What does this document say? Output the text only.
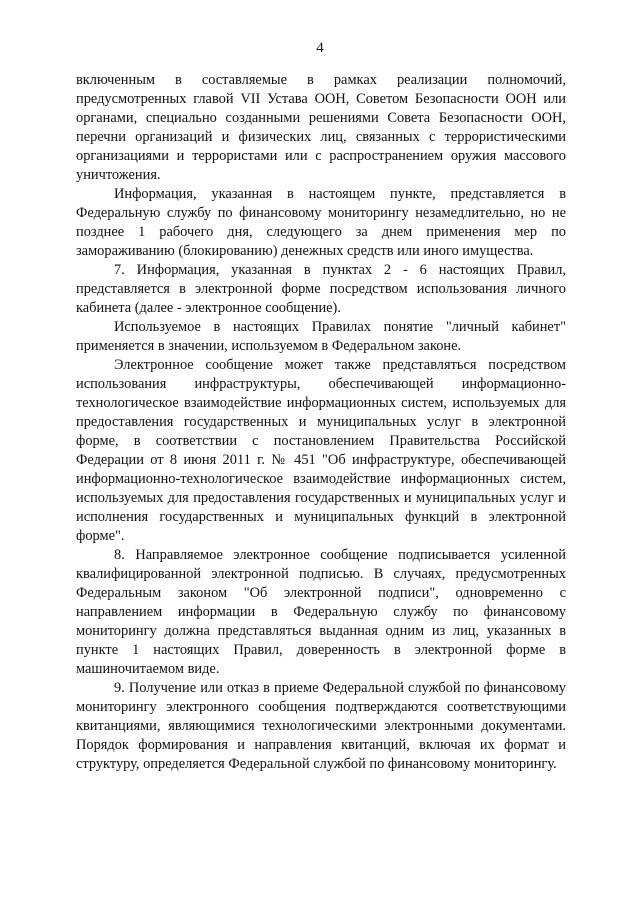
4

включенным в составляемые в рамках реализации полномочий, предусмотренных главой VII Устава ООН, Советом Безопасности ООН или органами, специально созданными решениями Совета Безопасности ООН, перечни организаций и физических лиц, связанных с террористическими организациями и террористами или с распространением оружия массового уничтожения.

Информация, указанная в настоящем пункте, представляется в Федеральную службу по финансовому мониторингу незамедлительно, но не позднее 1 рабочего дня, следующего за днем применения мер по замораживанию (блокированию) денежных средств или иного имущества.

7. Информация, указанная в пунктах 2 - 6 настоящих Правил, представляется в электронной форме посредством использования личного кабинета (далее - электронное сообщение).

Используемое в настоящих Правилах понятие "личный кабинет" применяется в значении, используемом в Федеральном законе.

Электронное сообщение может также представляться посредством использования инфраструктуры, обеспечивающей информационно-технологическое взаимодействие информационных систем, используемых для предоставления государственных и муниципальных услуг в электронной форме, в соответствии с постановлением Правительства Российской Федерации от 8 июня 2011 г. № 451 "Об инфраструктуре, обеспечивающей информационно-технологическое взаимодействие информационных систем, используемых для предоставления государственных и муниципальных услуг и исполнения государственных и муниципальных функций в электронной форме".

8. Направляемое электронное сообщение подписывается усиленной квалифицированной электронной подписью. В случаях, предусмотренных Федеральным законом "Об электронной подписи", одновременно с направлением информации в Федеральную службу по финансовому мониторингу должна представляться выданная одним из лиц, указанных в пункте 1 настоящих Правил, доверенность в электронной форме в машиночитаемом виде.

9. Получение или отказ в приеме Федеральной службой по финансовому мониторингу электронного сообщения подтверждаются соответствующими квитанциями, являющимися технологическими электронными документами. Порядок формирования и направления квитанций, включая их формат и структуру, определяется Федеральной службой по финансовому мониторингу.
